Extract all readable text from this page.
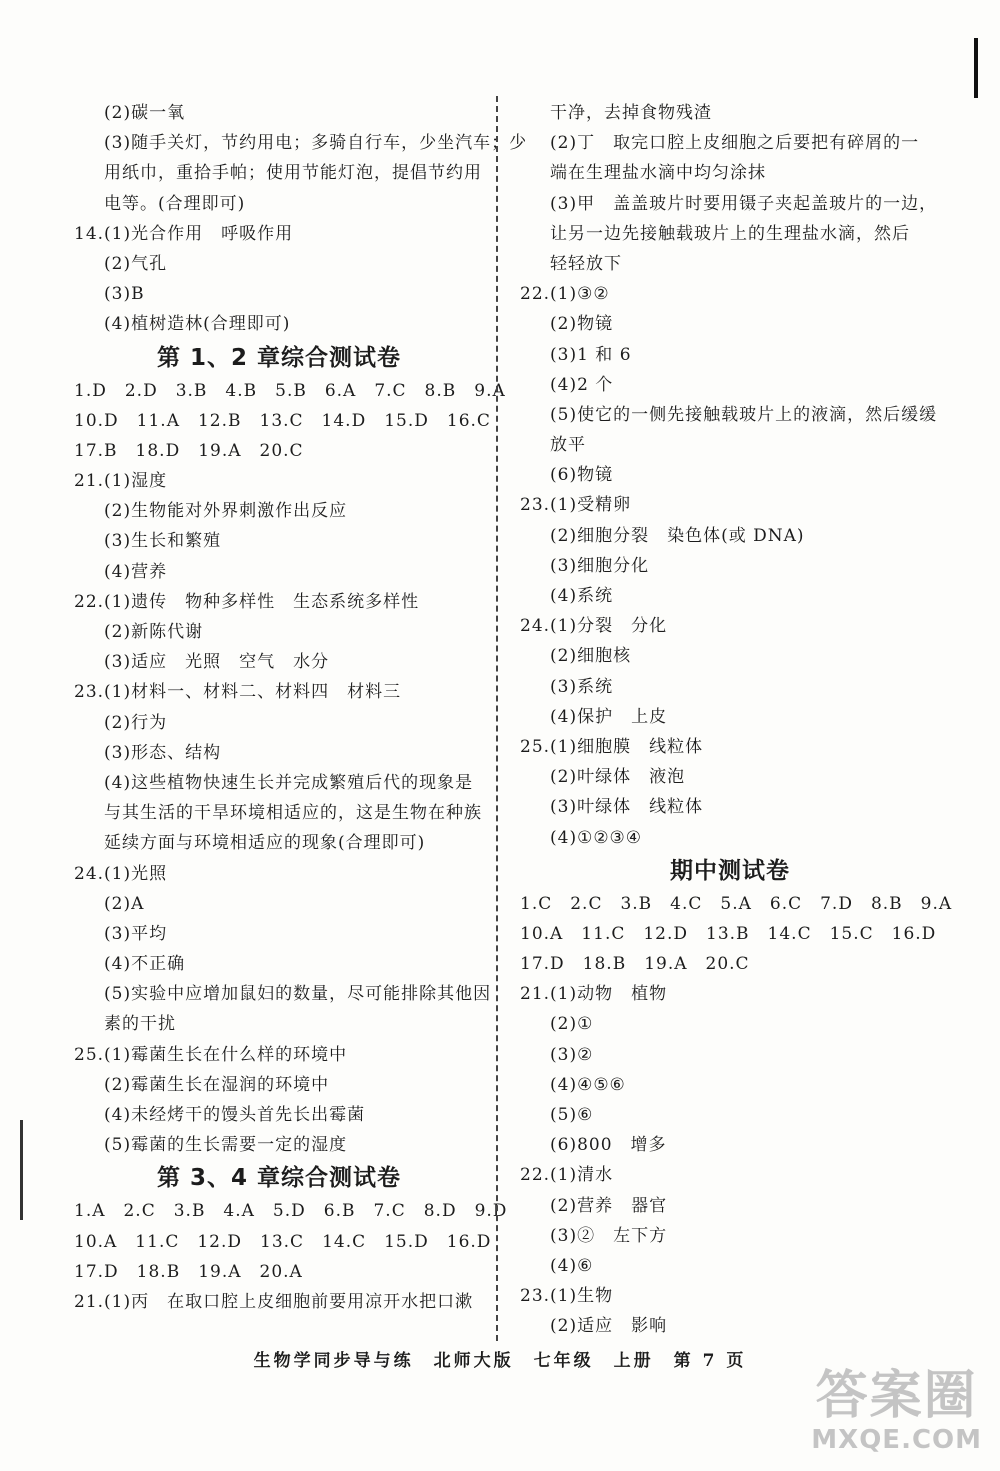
(2)碳一氧
(3)随手关灯，节约用电；多骑自行车，少坐汽车；少
用纸巾，重拾手帕；使用节能灯泡，提倡节约用
电等。(合理即可)
14.(1)光合作用　呼吸作用
(2)气孔
(3)B
(4)植树造林(合理即可)
第 1、2 章综合测试卷
1.D　2.D　3.B　4.B　5.B　6.A　7.C　8.B　9.A
10.D　11.A　12.B　13.C　14.D　15.D　16.C
17.B　18.D　19.A　20.C
21.(1)湿度
(2)生物能对外界刺激作出反应
(3)生长和繁殖
(4)营养
22.(1)遗传　物种多样性　生态系统多样性
(2)新陈代谢
(3)适应　光照　空气　水分
23.(1)材料一、材料二、材料四　材料三
(2)行为
(3)形态、结构
(4)这些植物快速生长并完成繁殖后代的现象是
与其生活的干旱环境相适应的，这是生物在种族
延续方面与环境相适应的现象(合理即可)
24.(1)光照
(2)A
(3)平均
(4)不正确
(5)实验中应增加鼠妇的数量，尽可能排除其他因
素的干扰
25.(1)霉菌生长在什么样的环境中
(2)霉菌生长在湿润的环境中
(4)未经烤干的馒头首先长出霉菌
(5)霉菌的生长需要一定的湿度
第 3、4 章综合测试卷
1.A　2.C　3.B　4.A　5.D　6.B　7.C　8.D　9.D
10.A　11.C　12.D　13.C　14.C　15.D　16.D
17.D　18.B　19.A　20.A
21.(1)丙　在取口腔上皮细胞前要用凉开水把口漱
干净，去掉食物残渣
(2)丁　取完口腔上皮细胞之后要把有碎屑的一
端在生理盐水滴中均匀涂抹
(3)甲　盖盖玻片时要用镊子夹起盖玻片的一边，
让另一边先接触载玻片上的生理盐水滴，然后
轻轻放下
22.(1)③②
(2)物镜
(3)1 和 6
(4)2 个
(5)使它的一侧先接触载玻片上的液滴，然后缓缓
放平
(6)物镜
23.(1)受精卵
(2)细胞分裂　染色体(或 DNA)
(3)细胞分化
(4)系统
24.(1)分裂　分化
(2)细胞核
(3)系统
(4)保护　上皮
25.(1)细胞膜　线粒体
(2)叶绿体　液泡
(3)叶绿体　线粒体
(4)①②③④
期中测试卷
1.C　2.C　3.B　4.C　5.A　6.C　7.D　8.B　9.A
10.A　11.C　12.D　13.B　14.C　15.C　16.D
17.D　18.B　19.A　20.C
21.(1)动物　植物
(2)①
(3)②
(4)④⑤⑥
(5)⑥
(6)800　增多
22.(1)清水
(2)营养　器官
(3)②　左下方
(4)⑥
23.(1)生物
(2)适应　影响
生物学同步导与练　北师大版　七年级　上册　第 7 页
答案圈
MXQE.COM
